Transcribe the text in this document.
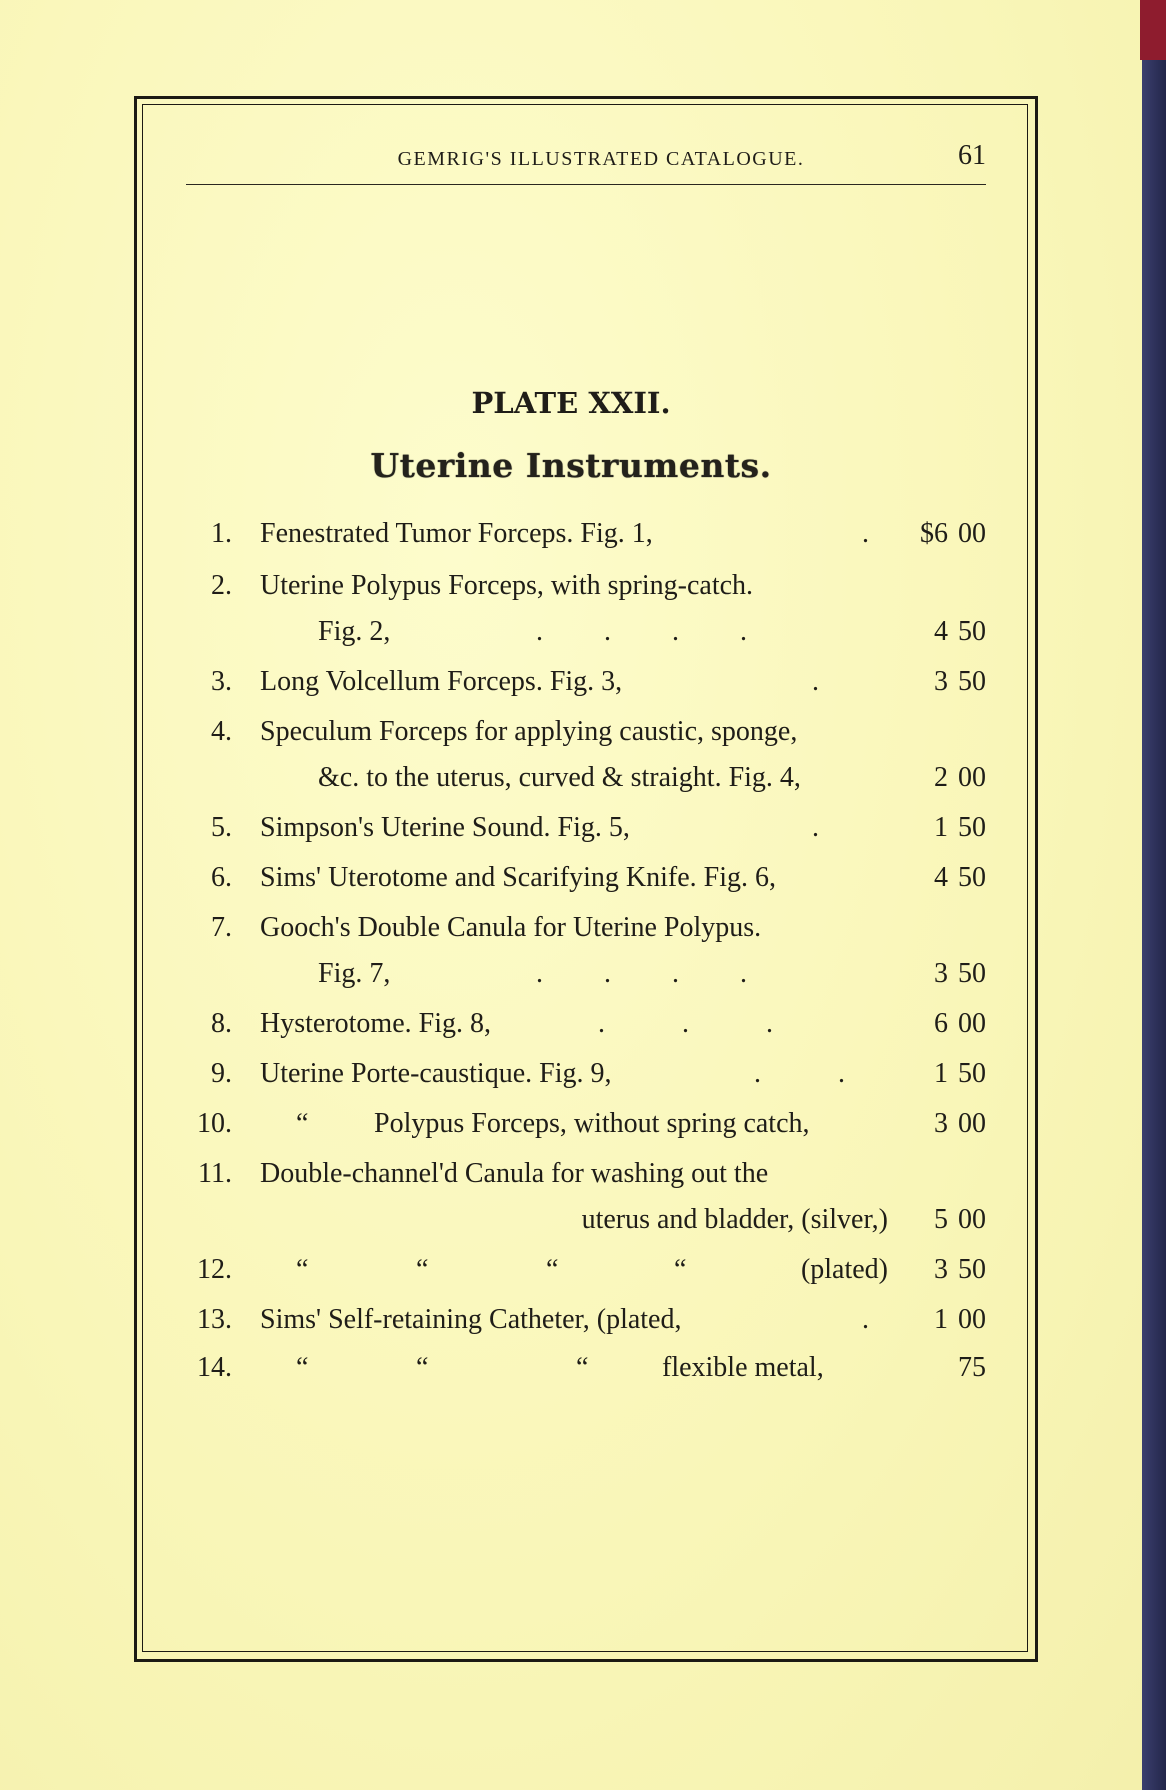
GEMRIG'S ILLUSTRATED CATALOGUE.	61
PLATE XXII.
Uterine Instruments.
1. Fenestrated Tumor Forceps. Fig. 1,	.	$6 00
2. Uterine Polypus Forceps, with spring-catch.
Fig. 2,	. . . .	4 50
3. Long Volcellum Forceps. Fig. 3,	.	3 50
4. Speculum Forceps for applying caustic, sponge,
&c. to the uterus, curved & straight. Fig. 4,	2 00
5. Simpson's Uterine Sound. Fig. 5,	.	1 50
6. Sims' Uterotome and Scarifying Knife. Fig. 6,	4 50
7. Gooch's Double Canula for Uterine Polypus.
Fig. 7,	. . . .	3 50
8. Hysterotome. Fig. 8,	. . .	6 00
9. Uterine Porte-caustique. Fig. 9,	. .	1 50
10. “ Polypus Forceps, without spring catch,	3 00
11. Double-channel'd Canula for washing out the
uterus and bladder, (silver,)	5 00
12. “	“	“	“	(plated)	3 50
13. Sims' Self-retaining Catheter, (plated,	.	1 00
14. “	“	“	flexible metal,	75
